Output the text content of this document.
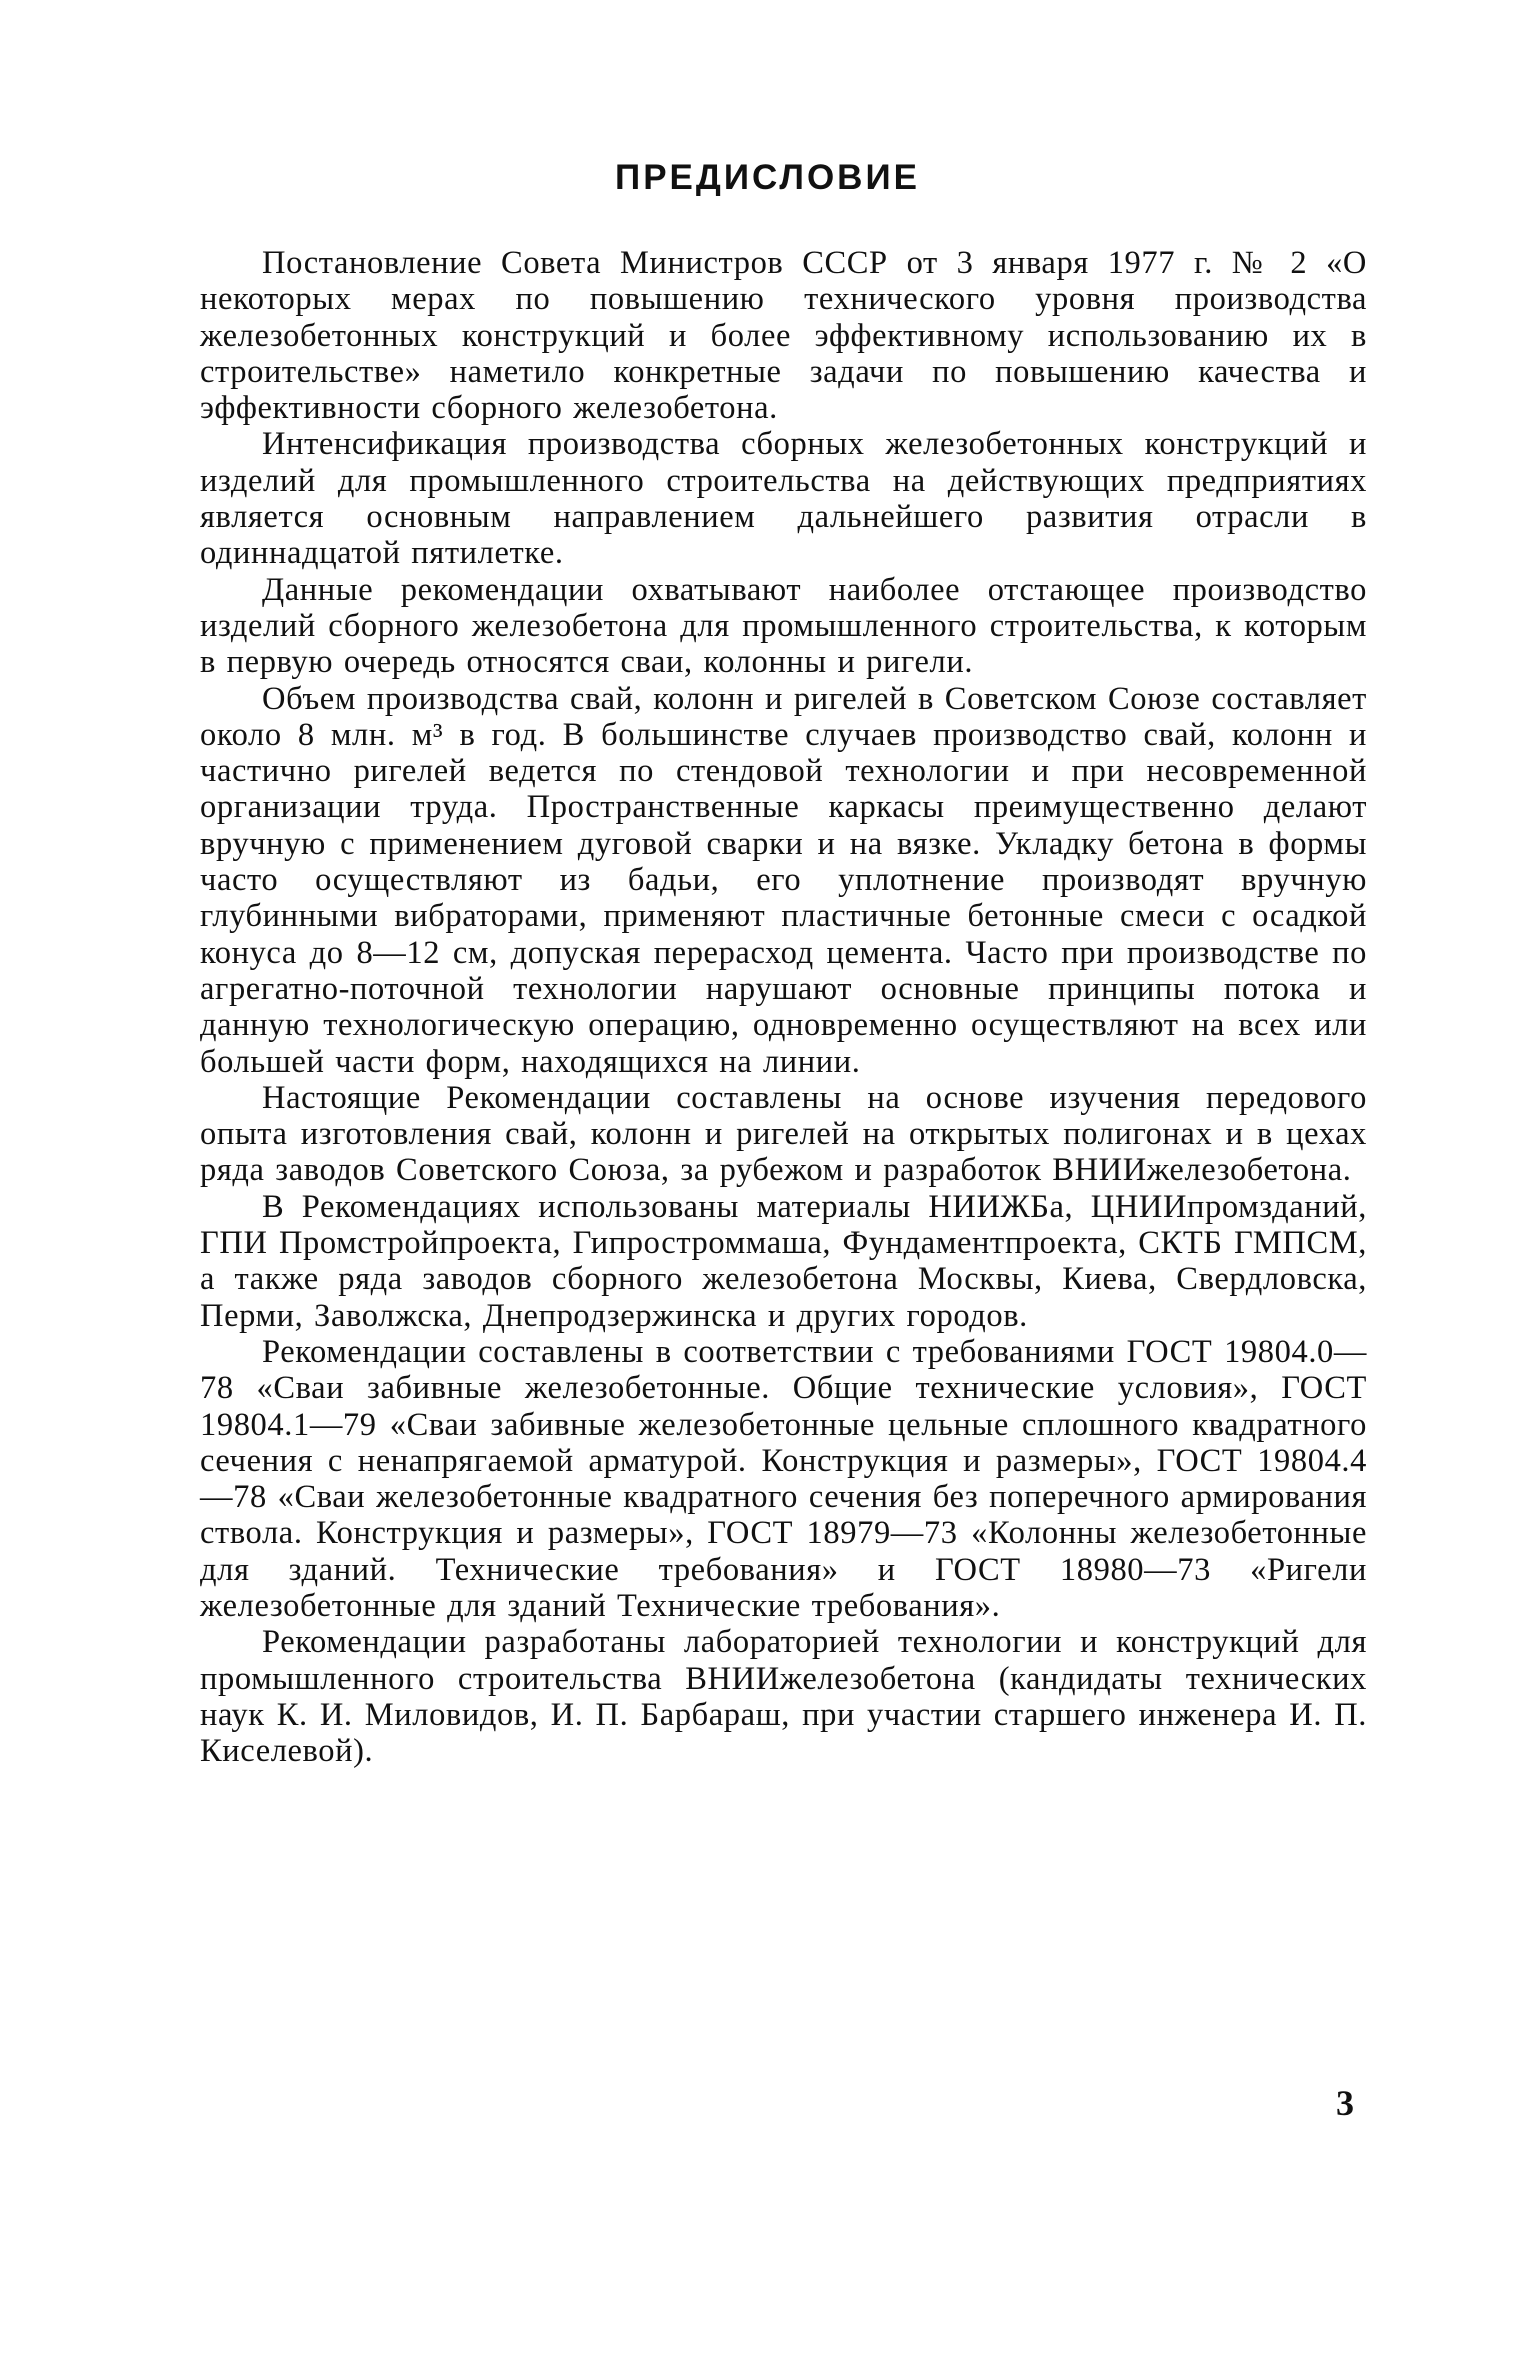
ПРЕДИСЛОВИЕ

Постановление Совета Министров СССР от 3 января 1977 г. № 2 «О некоторых мерах по повышению технического уровня производства железобетонных конструкций и более эффективному использованию их в строительстве» наметило конкретные задачи по повышению качества и эффективности сборного железобетона.

Интенсификация производства сборных железобетонных конструкций и изделий для промышленного строительства на действующих предприятиях является основным направлением дальнейшего развития отрасли в одиннадцатой пятилетке.

Данные рекомендации охватывают наиболее отстающее производство изделий сборного железобетона для промышленного строительства, к которым в первую очередь относятся сваи, колонны и ригели.

Объем производства свай, колонн и ригелей в Советском Союзе составляет около 8 млн. м³ в год. В большинстве случаев производство свай, колонн и частично ригелей ведется по стендовой технологии и при несовременной организации труда. Пространственные каркасы преимущественно делают вручную с применением дуговой сварки и на вязке. Укладку бетона в формы часто осуществляют из бадьи, его уплотнение производят вручную глубинными вибраторами, применяют пластичные бетонные смеси с осадкой конуса до 8—12 см, допуская перерасход цемента. Часто при производстве по агрегатно-поточной технологии нарушают основные принципы потока и данную технологическую операцию, одновременно осуществляют на всех или большей части форм, находящихся на линии.

Настоящие Рекомендации составлены на основе изучения передового опыта изготовления свай, колонн и ригелей на открытых полигонах и в цехах ряда заводов Советского Союза, за рубежом и разработок ВНИИжелезобетона.

В Рекомендациях использованы материалы НИИЖБа, ЦНИИпромзданий, ГПИ Промстройпроекта, Гипростроммаша, Фундаментпроекта, СКТБ ГМПСМ, а также ряда заводов сборного железобетона Москвы, Киева, Свердловска, Перми, Заволжска, Днепродзержинска и других городов.

Рекомендации составлены в соответствии с требованиями ГОСТ 19804.0—78 «Сваи забивные железобетонные. Общие технические условия», ГОСТ 19804.1—79 «Сваи забивные железобетонные цельные сплошного квадратного сечения с ненапрягаемой арматурой. Конструкция и размеры», ГОСТ 19804.4—78 «Сваи железобетонные квадратного сечения без поперечного армирования ствола. Конструкция и размеры», ГОСТ 18979—73 «Колонны железобетонные для зданий. Технические требования» и ГОСТ 18980—73 «Ригели железобетонные для зданий Технические требования».

Рекомендации разработаны лабораторией технологии и конструкций для промышленного строительства ВНИИжелезобетона (кандидаты технических наук К. И. Миловидов, И. П. Барбараш, при участии старшего инженера И. П. Киселевой).

3
